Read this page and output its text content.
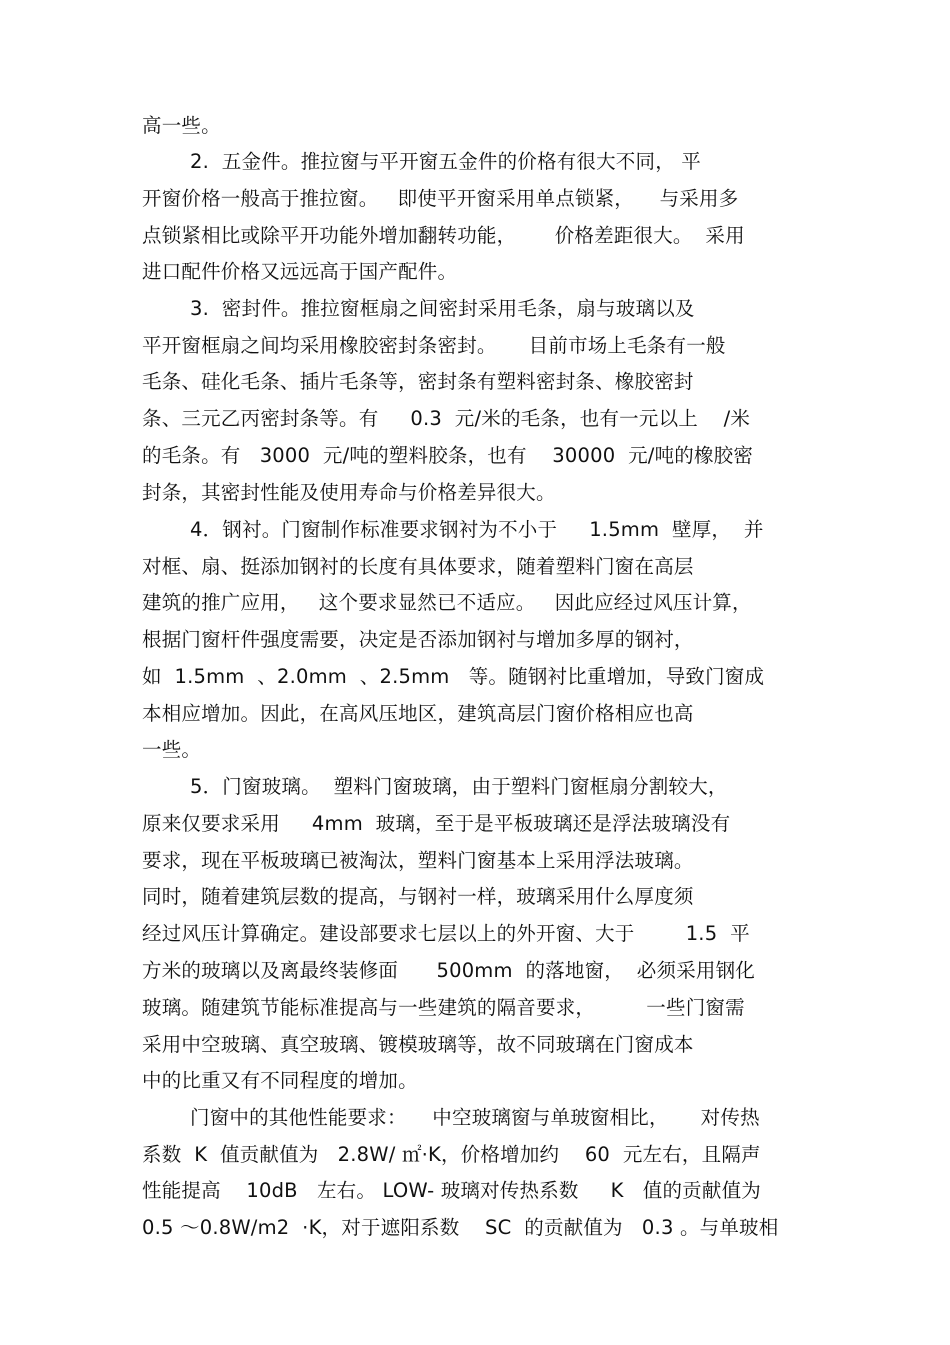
高一些。
2.  五金件。推拉窗与平开窗五金件的价格有很大不同， 平
开窗价格一般高于推拉窗。   即使平开窗采用单点锁紧，    与采用多
点锁紧相比或除平开功能外增加翻转功能，      价格差距很大。  采用
进口配件价格又远远高于国产配件。
3.  密封件。推拉窗框扇之间密封采用毛条，扇与玻璃以及
平开窗框扇之间均采用橡胶密封条密封。     目前市场上毛条有一般
毛条、硅化毛条、插片毛条等，密封条有塑料密封条、橡胶密封
条、三元乙丙密封条等。有     0.3  元/米的毛条，也有一元以上    /米
的毛条。有   3000  元/吨的塑料胶条，也有    30000  元/吨的橡胶密
封条，其密封性能及使用寿命与价格差异很大。
4．钢衬。门窗制作标准要求钢衬为不小于     1.5mm  壁厚，  并
对框、扇、挺添加钢衬的长度有具体要求，随着塑料门窗在高层
建筑的推广应用，   这个要求显然已不适应。   因此应经过风压计算，
根据门窗杆件强度需要，决定是否添加钢衬与增加多厚的钢衬，
如  1.5mm  、2.0mm  、2.5mm   等。随钢衬比重增加，导致门窗成
本相应增加。因此，在高风压地区，建筑高层门窗价格相应也高
一些。
5．门窗玻璃。  塑料门窗玻璃，由于塑料门窗框扇分割较大，
原来仅要求采用     4mm  玻璃，至于是平板玻璃还是浮法玻璃没有
要求，现在平板玻璃已被淘汰，塑料门窗基本上采用浮法玻璃。
同时，随着建筑层数的提高，与钢衬一样，玻璃采用什么厚度须
经过风压计算确定。建设部要求七层以上的外开窗、大于        1.5  平
方米的玻璃以及离最终装修面      500mm  的落地窗，  必须采用钢化
玻璃。随建筑节能标准提高与一些建筑的隔音要求，        一些门窗需
采用中空玻璃、真空玻璃、镀模玻璃等，故不同玻璃在门窗成本
中的比重又有不同程度的增加。
门窗中的其他性能要求：    中空玻璃窗与单玻窗相比，     对传热
系数  K  值贡献值为   2.8W/ ㎡·K，价格增加约    60  元左右，且隔声
性能提高    10dB   左右。 LOW- 玻璃对传热系数     K   值的贡献值为
0.5 ～0.8W/m2  ·K，对于遮阳系数    SC  的贡献值为   0.3 。与单玻相
